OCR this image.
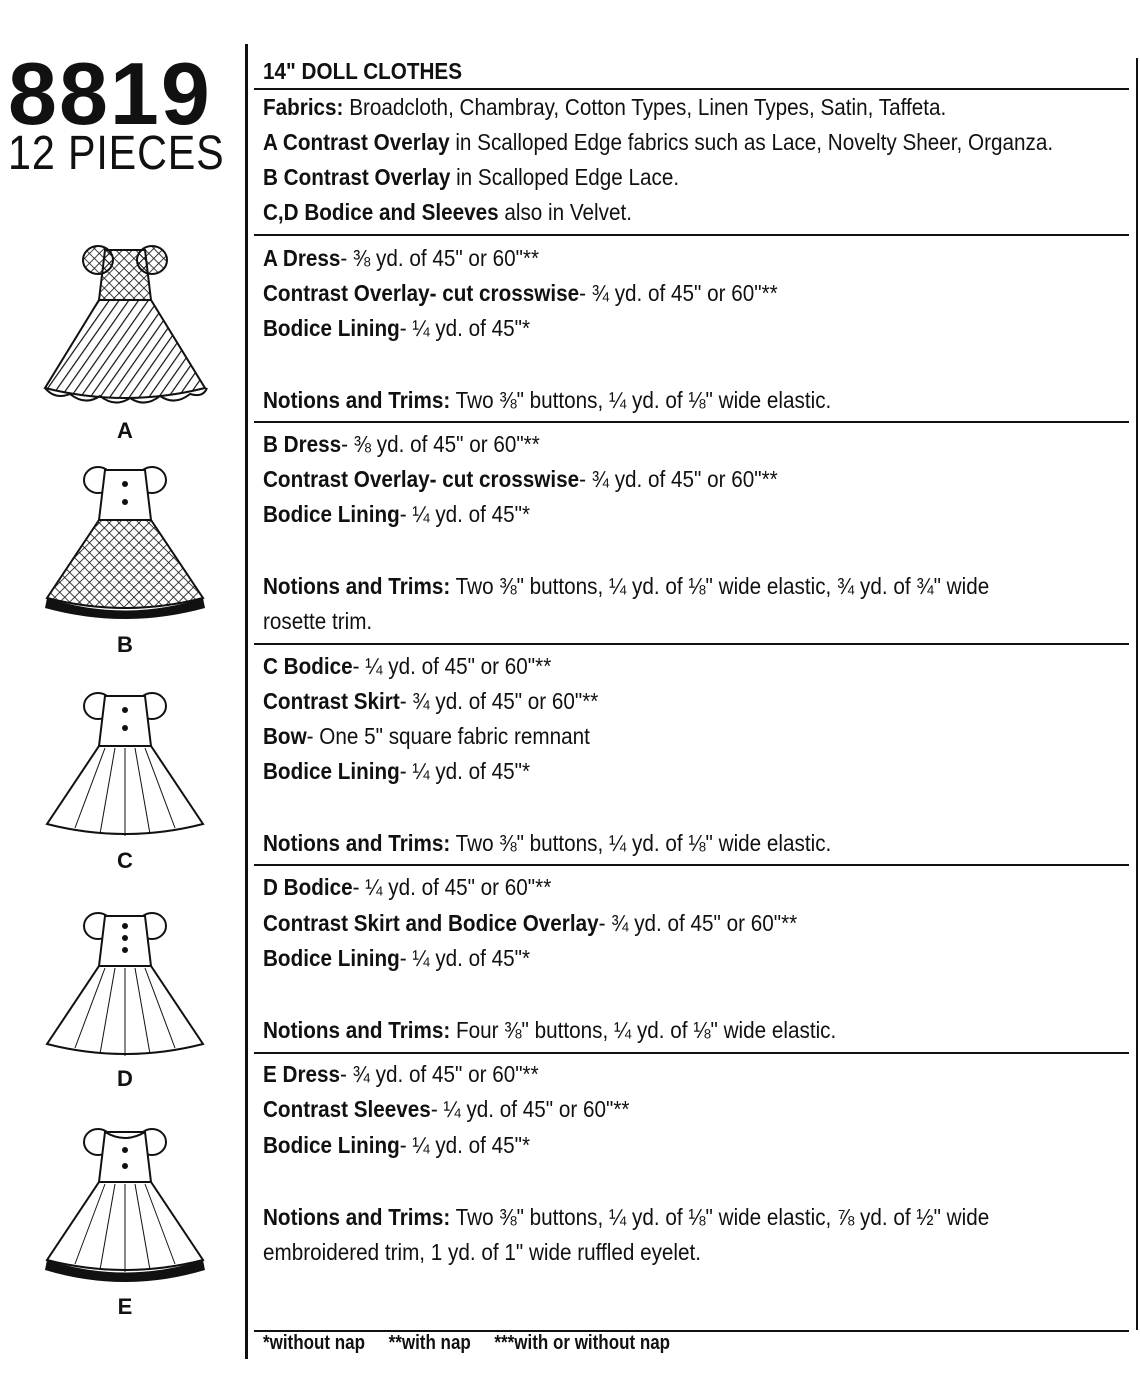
8819
12 PIECES
A
B
C
D
E
14" DOLL CLOTHES
Fabrics: Broadcloth, Chambray, Cotton Types, Linen Types, Satin, Taffeta.
A Contrast Overlay in Scalloped Edge fabrics such as Lace, Novelty Sheer, Organza.
B Contrast Overlay in Scalloped Edge Lace.
C,D Bodice and Sleeves also in Velvet.
A Dress- ⅜ yd. of 45" or 60"**
Contrast Overlay- cut crosswise- ¾ yd. of 45" or 60"**
Bodice Lining- ¼ yd. of 45"*
Notions and Trims: Two ⅜" buttons, ¼ yd. of ⅛" wide elastic.
B Dress- ⅜ yd. of 45" or 60"**
Contrast Overlay- cut crosswise- ¾ yd. of 45" or 60"**
Bodice Lining- ¼ yd. of 45"*
Notions and Trims: Two ⅜" buttons, ¼ yd. of ⅛" wide elastic, ¾ yd. of ¾" wide
rosette trim.
C Bodice- ¼ yd. of 45" or 60"**
Contrast Skirt- ¾ yd. of 45" or 60"**
Bow- One 5" square fabric remnant
Bodice Lining- ¼ yd. of 45"*
Notions and Trims: Two ⅜" buttons, ¼ yd. of ⅛" wide elastic.
D Bodice- ¼ yd. of 45" or 60"**
Contrast Skirt and Bodice Overlay- ¾ yd. of 45" or 60"**
Bodice Lining- ¼ yd. of 45"*
Notions and Trims: Four ⅜" buttons, ¼ yd. of ⅛" wide elastic.
E Dress- ¾ yd. of 45" or 60"**
Contrast Sleeves- ¼ yd. of 45" or 60"**
Bodice Lining- ¼ yd. of 45"*
Notions and Trims: Two ⅜" buttons, ¼ yd. of ⅛" wide elastic, ⅞ yd. of ½" wide
embroidered trim, 1 yd. of 1" wide ruffled eyelet.
*without nap **with nap ***with or without nap
